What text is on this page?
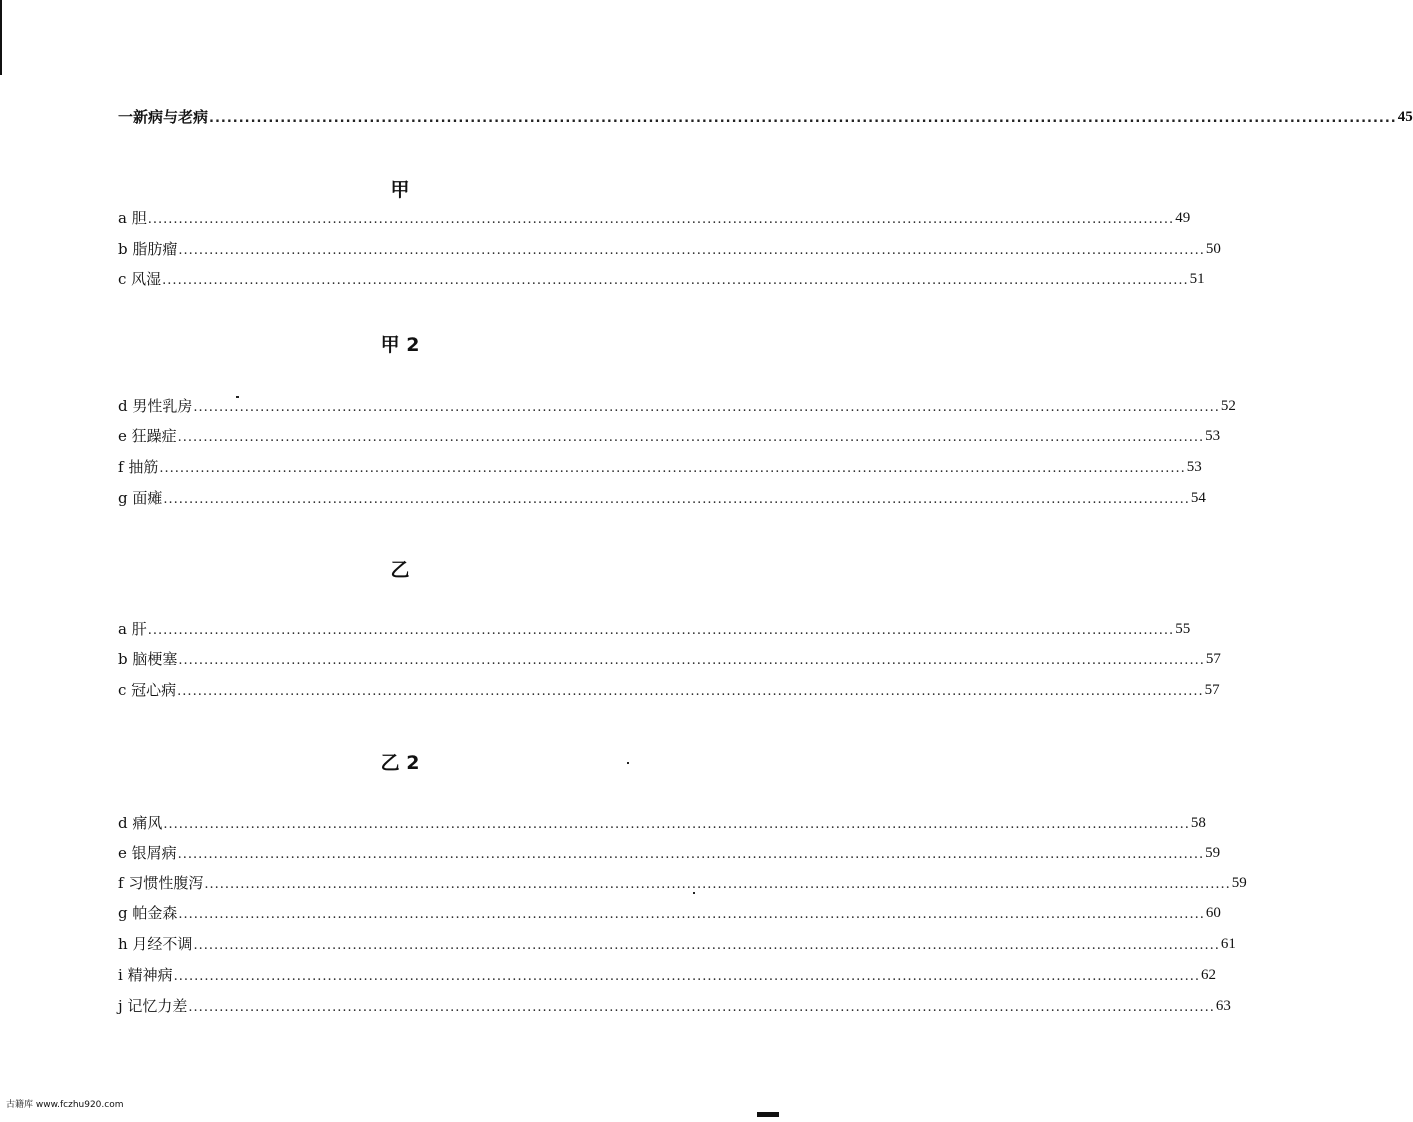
一新病与老病 ........................................................................................................................................................................................................ 45
甲
a 胆 ........................................................................................................................................................................................................ 49
b 脂肪瘤 ........................................................................................................................................................................................................ 50
c 风湿 ........................................................................................................................................................................................................ 51
甲 2
d 男性乳房 ........................................................................................................................................................................................................ 52
e 狂躁症 ........................................................................................................................................................................................................ 53
f 抽筋 ........................................................................................................................................................................................................ 53
g 面瘫 ........................................................................................................................................................................................................ 54
乙
a 肝 ........................................................................................................................................................................................................ 55
b 脑梗塞 ........................................................................................................................................................................................................ 57
c 冠心病 ........................................................................................................................................................................................................ 57
乙 2
d 痛风 ........................................................................................................................................................................................................ 58
e 银屑病 ........................................................................................................................................................................................................ 59
f 习惯性腹泻 ........................................................................................................................................................................................................ 59
g 帕金森 ........................................................................................................................................................................................................ 60
h 月经不调 ........................................................................................................................................................................................................ 61
i 精神病 ........................................................................................................................................................................................................ 62
j 记忆力差 ........................................................................................................................................................................................................ 63
古籍库 www.fczhu920.com
